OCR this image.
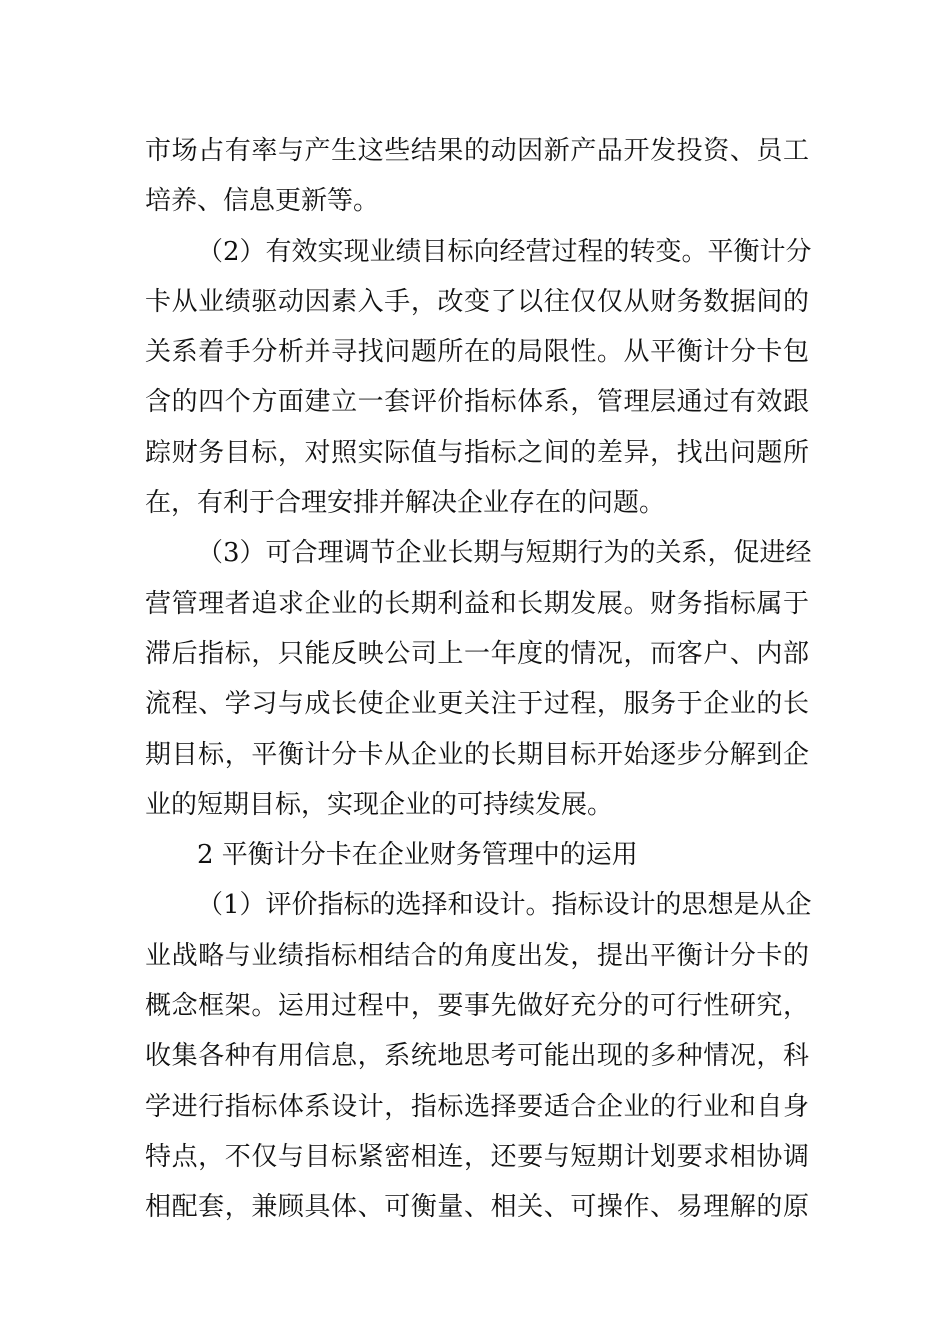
市场占有率与产生这些结果的动因新产品开发投资、员工
培养、信息更新等。
（2）有效实现业绩目标向经营过程的转变。平衡计分
卡从业绩驱动因素入手，改变了以往仅仅从财务数据间的
关系着手分析并寻找问题所在的局限性。从平衡计分卡包
含的四个方面建立一套评价指标体系，管理层通过有效跟
踪财务目标，对照实际值与指标之间的差异，找出问题所
在，有利于合理安排并解决企业存在的问题。
（3）可合理调节企业长期与短期行为的关系，促进经
营管理者追求企业的长期利益和长期发展。财务指标属于
滞后指标，只能反映公司上一年度的情况，而客户、内部
流程、学习与成长使企业更关注于过程，服务于企业的长
期目标，平衡计分卡从企业的长期目标开始逐步分解到企
业的短期目标，实现企业的可持续发展。
2 平衡计分卡在企业财务管理中的运用
（1）评价指标的选择和设计。指标设计的思想是从企
业战略与业绩指标相结合的角度出发，提出平衡计分卡的
概念框架。运用过程中，要事先做好充分的可行性研究，
收集各种有用信息，系统地思考可能出现的多种情况，科
学进行指标体系设计，指标选择要适合企业的行业和自身
特点，不仅与目标紧密相连，还要与短期计划要求相协调
相配套，兼顾具体、可衡量、相关、可操作、易理解的原
